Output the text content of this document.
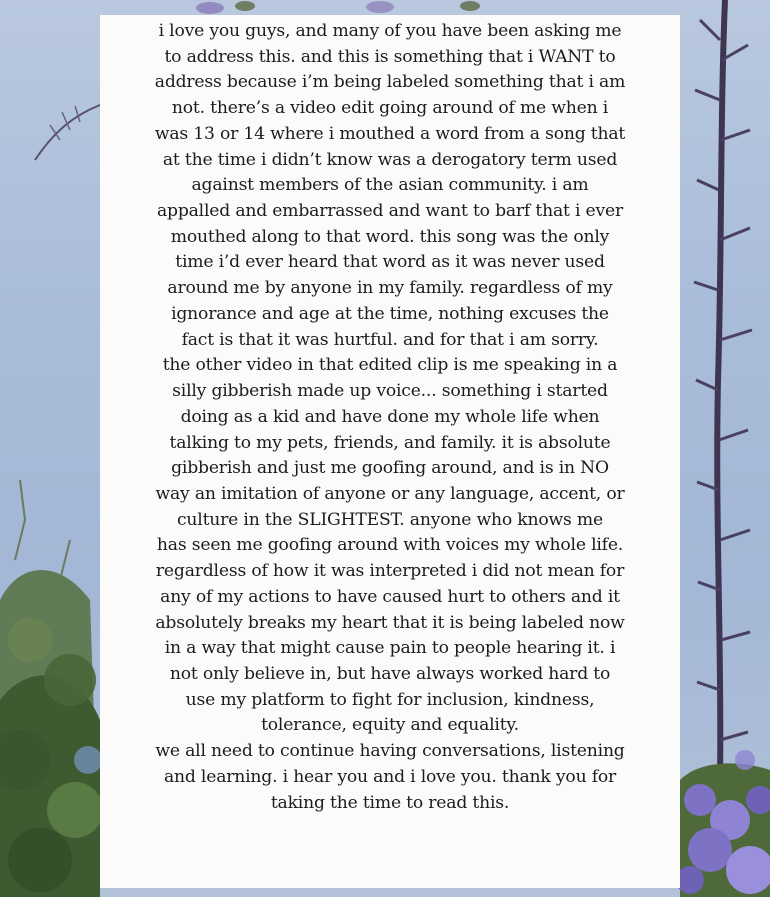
i love you guys, and many of you have been asking me
to address this. and this is something that i WANT to
address because i’m being labeled something that i am
not. there’s a video edit going around of me when i
was 13 or 14 where i mouthed a word from a song that
at the time i didn’t know was a derogatory term used
against members of the asian community. i am
appalled and embarrassed and want to barf that i ever
mouthed along to that word. this song was the only
time i’d ever heard that word as it was never used
around me by anyone in my family. regardless of my
ignorance and age at the time, nothing excuses the
fact is that it was hurtful. and for that i am sorry.
the other video in that edited clip is me speaking in a
silly gibberish made up voice... something i started
doing as a kid and have done my whole life when
talking to my pets, friends, and family. it is absolute
gibberish and just me goofing around, and is in NO
way an imitation of anyone or any language, accent, or
culture in the SLIGHTEST. anyone who knows me
has seen me goofing around with voices my whole life.
regardless of how it was interpreted i did not mean for
any of my actions to have caused hurt to others and it
absolutely breaks my heart that it is being labeled now
in a way that might cause pain to people hearing it. i
not only believe in, but have always worked hard to
use my platform to fight for inclusion, kindness,
tolerance, equity and equality.
we all need to continue having conversations, listening
and learning. i hear you and i love you. thank you for
taking the time to read this.
